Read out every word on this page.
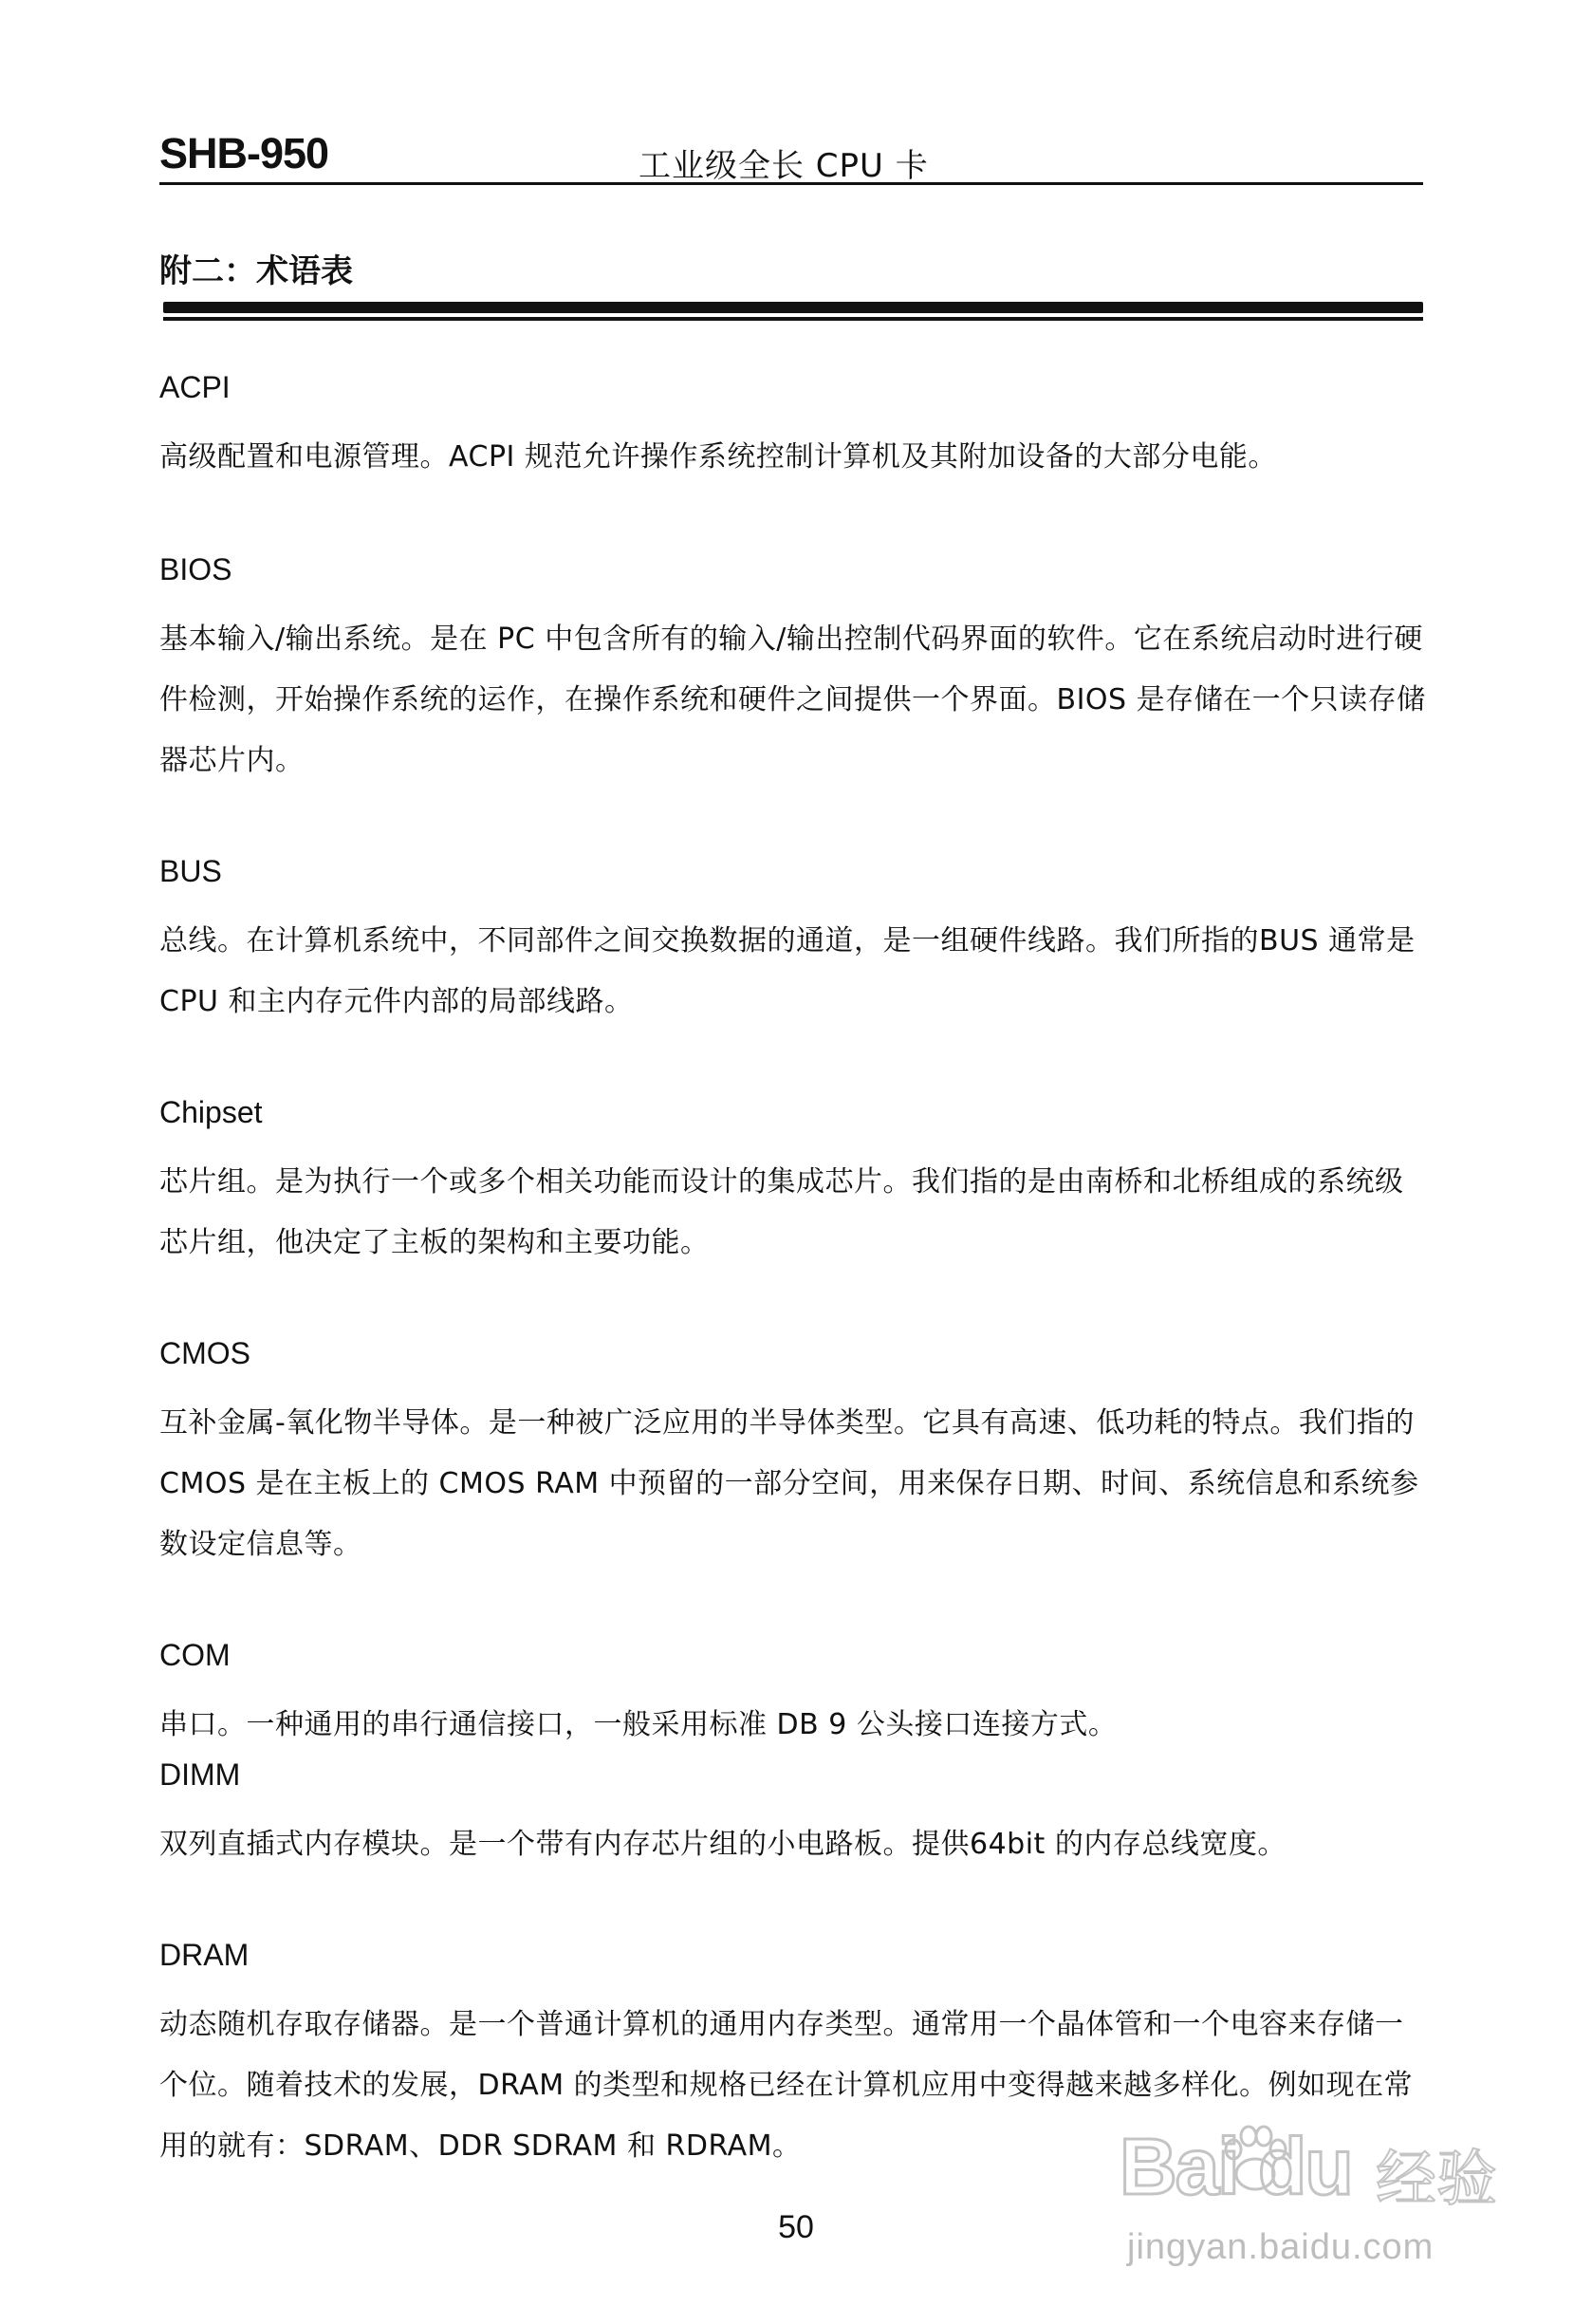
SHB-950	工业级全长 CPU 卡
附二：术语表
ACPI
高级配置和电源管理。ACPI 规范允许操作系统控制计算机及其附加设备的大部分电能。
BIOS
基本输入/输出系统。是在 PC 中包含所有的输入/输出控制代码界面的软件。它在系统启动时进行硬件检测，开始操作系统的运作，在操作系统和硬件之间提供一个界面。BIOS 是存储在一个只读存储器芯片内。
BUS
总线。在计算机系统中，不同部件之间交换数据的通道，是一组硬件线路。我们所指的BUS 通常是 CPU 和主内存元件内部的局部线路。
Chipset
芯片组。是为执行一个或多个相关功能而设计的集成芯片。我们指的是由南桥和北桥组成的系统级芯片组，他决定了主板的架构和主要功能。
CMOS
互补金属-氧化物半导体。是一种被广泛应用的半导体类型。它具有高速、低功耗的特点。我们指的 CMOS 是在主板上的 CMOS RAM 中预留的一部分空间，用来保存日期、时间、系统信息和系统参数设定信息等。
COM
串口。一种通用的串行通信接口，一般采用标准 DB 9 公头接口连接方式。
DIMM
双列直插式内存模块。是一个带有内存芯片组的小电路板。提供64bit 的内存总线宽度。
DRAM
动态随机存取存储器。是一个普通计算机的通用内存类型。通常用一个晶体管和一个电容来存储一个位。随着技术的发展，DRAM 的类型和规格已经在计算机应用中变得越来越多样化。例如现在常用的就有：SDRAM、DDR SDRAM 和 RDRAM。
50
Bai du 经验
jingyan.baidu.com
